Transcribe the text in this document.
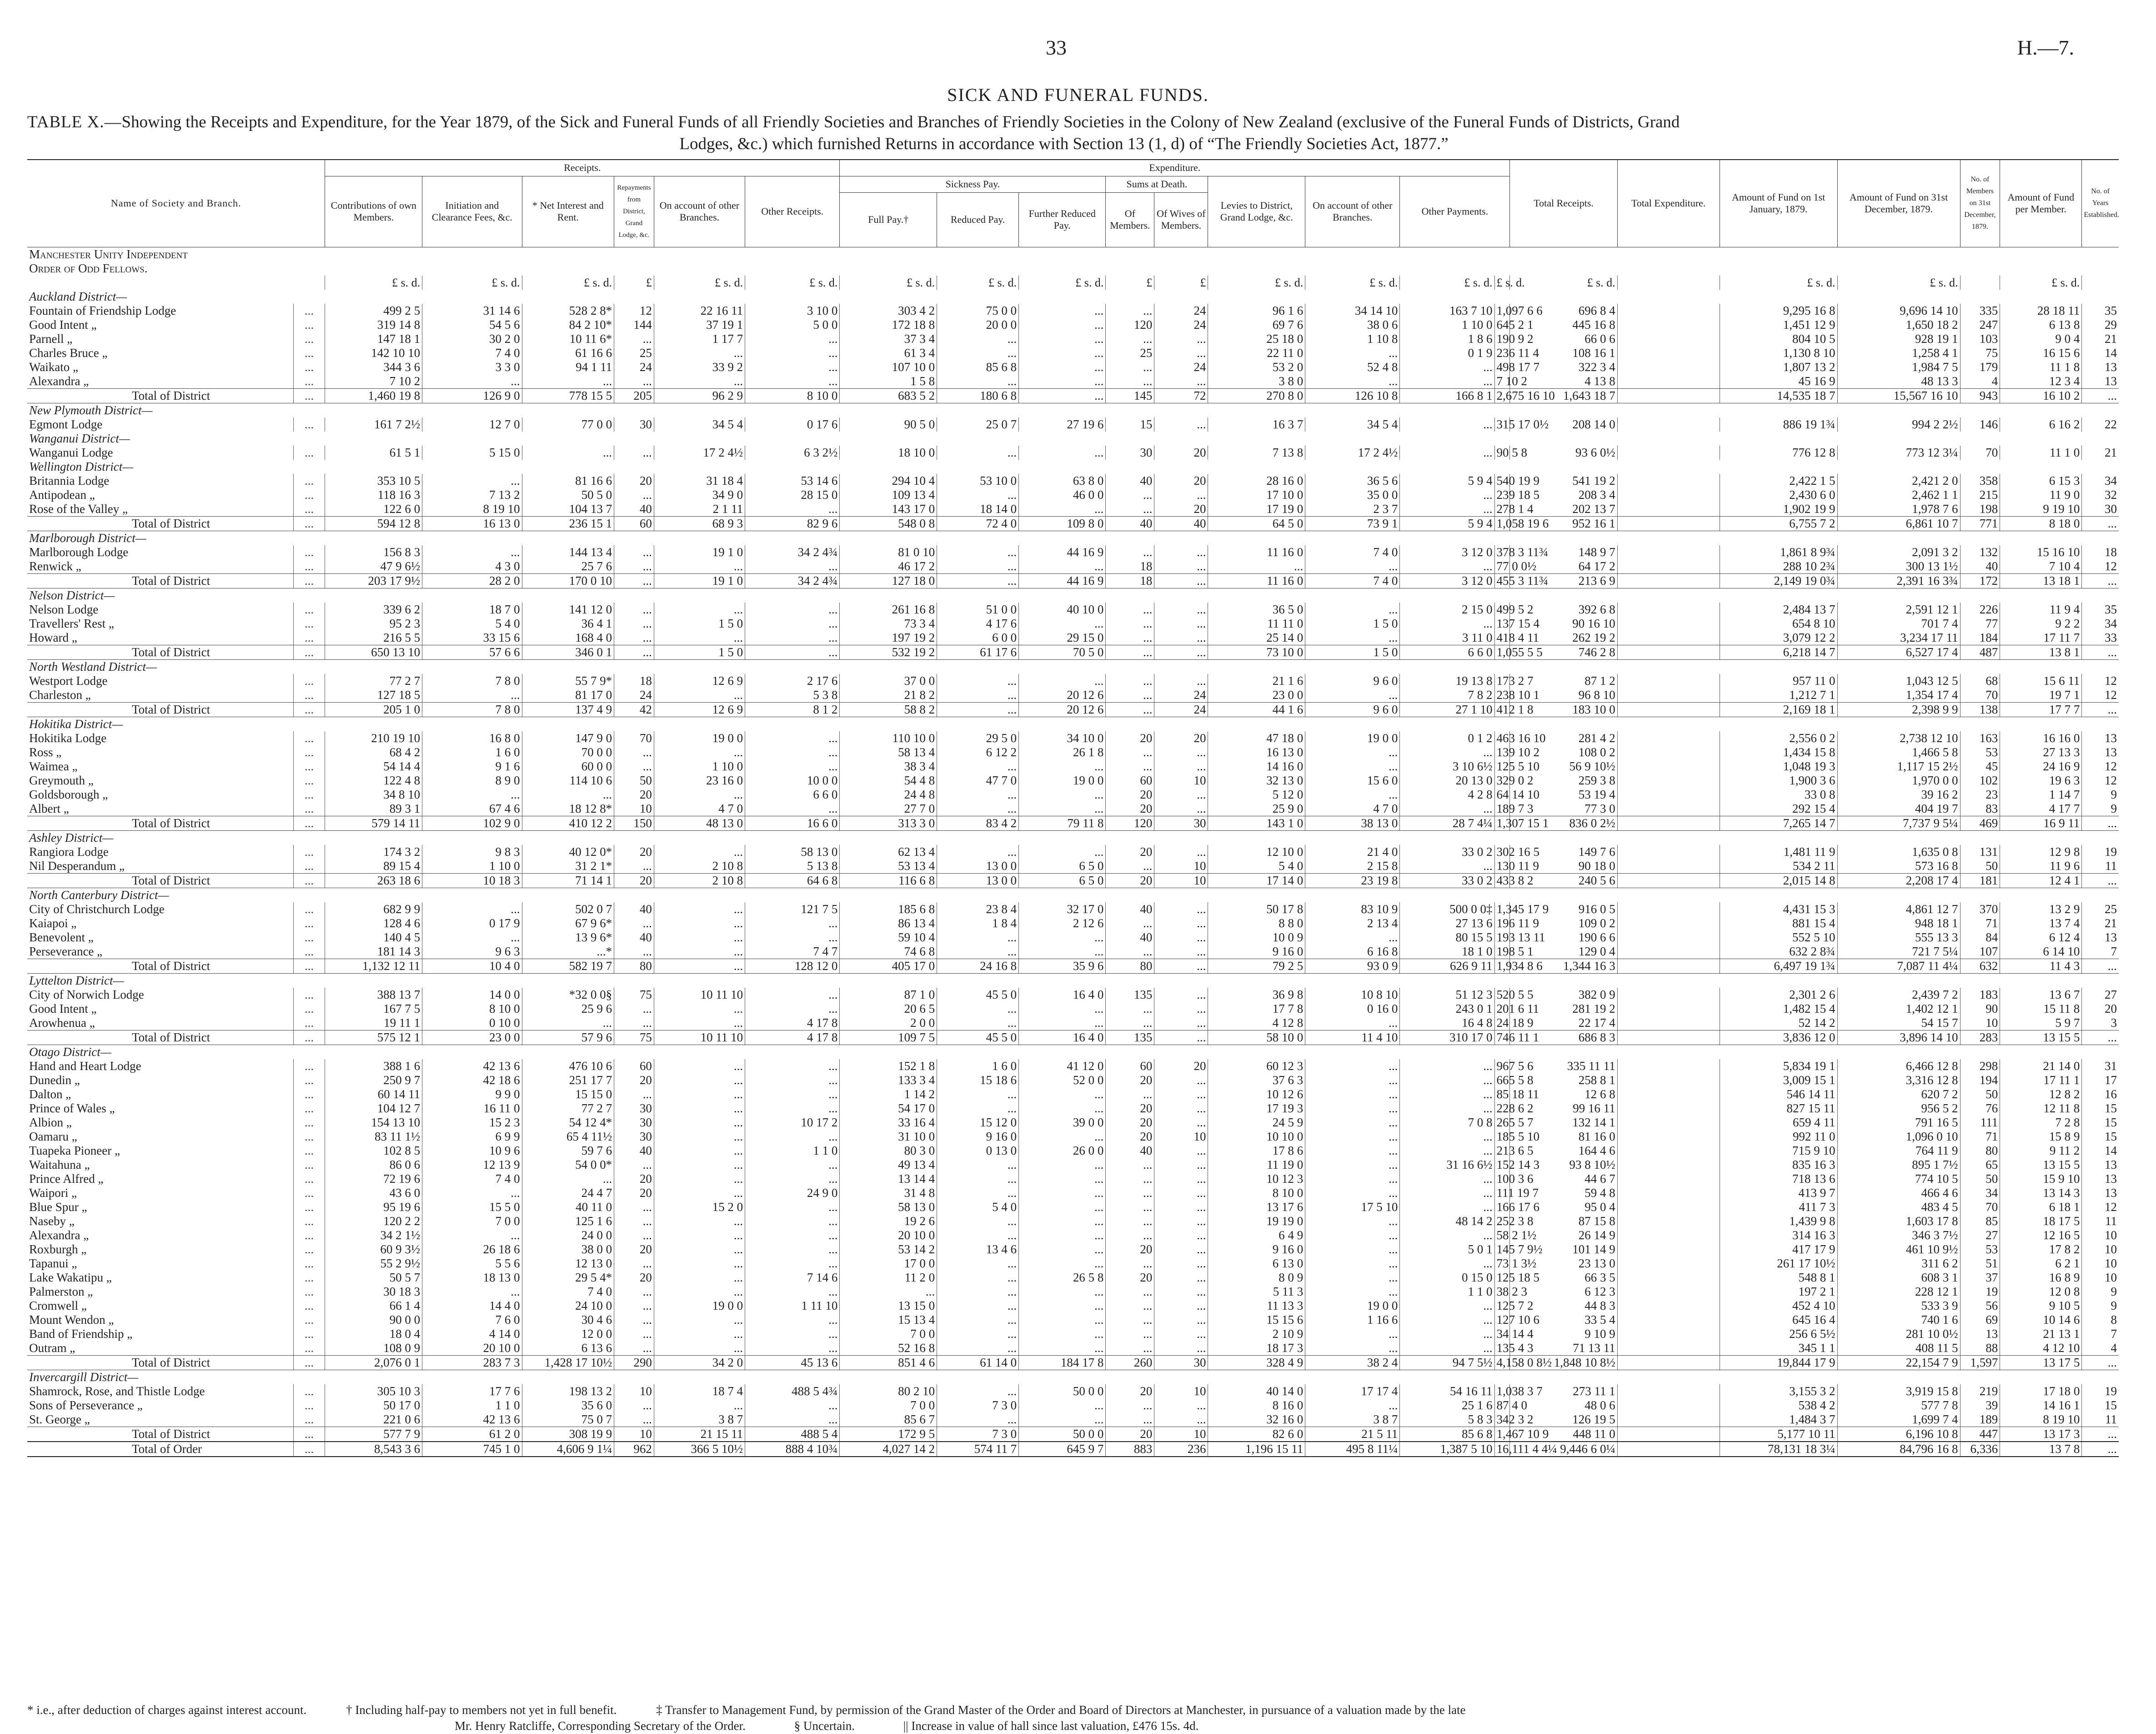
33	H.—7.
SICK AND FUNERAL FUNDS.
TABLE X.—Showing the Receipts and Expenditure, for the Year 1879, of the Sick and Funeral Funds of all Friendly Societies and Branches of Friendly Societies in the Colony of New Zealand (exclusive of the Funeral Funds of Districts, Grand
Lodges, &c.) which furnished Returns in accordance with Section 13 (1, d) of “The Friendly Societies Act, 1877.”
Name of Society and Branch.		Receipts.						Expenditure.									Total Receipts.	Total Expenditure.	Amount of Fund on 1st January, 1879.	Amount of Fund on 31st December, 1879.	No. of Members on 31st December, 1879.	Amount of Fund per Member.	No. of Years Established.
		Contributions of own Members.	Initiation and Clearance Fees, &c.	* Net Interest and Rent.	Repayments from District, Grand Lodge, &c.	On account of other Branches.	Other Receipts.	Sickness Pay.			Sums at Death.		Levies to District, Grand Lodge, &c.	On account of other Branches.	Other Payments.								
								Full Pay.†	Reduced Pay.	Further Reduced Pay.	Of Members.	Of Wives of Members.											
Manchester Unity Independent																							
Order of Odd Fellows.																							
		£ s. d.	£ s. d.	£ s. d.	£	£ s. d.	£ s. d.	£ s. d.	£ s. d.	£ s. d.	£	£	£ s. d.	£ s. d.	£ s. d.	£ s. d.	£ s. d.		£ s. d.	£ s. d.		£ s. d.	
Auckland District—																							
Fountain of Friendship Lodge	...	499 2 5	31 14 6	528 2 8*	12	22 16 11	3 10 0	303 4 2	75 0 0	...	...	24	96 1 6	34 14 10	163 7 10	1,097 6 6	696 8 4		9,295 16 8	9,696 14 10	335	28 18 11	35
Good Intent „	...	319 14 8	54 5 6	84 2 10*	144	37 19 1	5 0 0	172 18 8	20 0 0	...	120	24	69 7 6	38 0 6	1 10 0	645 2 1	445 16 8		1,451 12 9	1,650 18 2	247	6 13 8	29
Parnell „	...	147 18 1	30 2 0	10 11 6*	...	1 17 7	...	37 3 4	...	...	...	...	25 18 0	1 10 8	1 8 6	190 9 2	66 0 6		804 10 5	928 19 1	103	9 0 4	21
Charles Bruce „	...	142 10 10	7 4 0	61 16 6	25	...	...	61 3 4	...	...	25	...	22 11 0	...	0 1 9	236 11 4	108 16 1		1,130 8 10	1,258 4 1	75	16 15 6	14
Waikato „	...	344 3 6	3 3 0	94 1 11	24	33 9 2	...	107 10 0	85 6 8	...	...	24	53 2 0	52 4 8	...	498 17 7	322 3 4		1,807 13 2	1,984 7 5	179	11 1 8	13
Alexandra „	...	7 10 2	...	...	...	...	...	1 5 8	...	...	...	...	3 8 0	...	...	7 10 2	4 13 8		45 16 9	48 13 3	4	12 3 4	13
Total of District	...	1,460 19 8	126 9 0	778 15 5	205	96 2 9	8 10 0	683 5 2	180 6 8	...	145	72	270 8 0	126 10 8	166 8 1	2,675 16 10	1,643 18 7		14,535 18 7	15,567 16 10	943	16 10 2	...
New Plymouth District—																							
Egmont Lodge	...	161 7 2½	12 7 0	77 0 0	30	34 5 4	0 17 6	90 5 0	25 0 7	27 19 6	15	...	16 3 7	34 5 4	...	315 17 0½	208 14 0		886 19 1¾	994 2 2½	146	6 16 2	22
Wanganui District—																							
Wanganui Lodge	...	61 5 1	5 15 0	...	...	17 2 4½	6 3 2½	18 10 0	...	...	30	20	7 13 8	17 2 4½	...	90 5 8	93 6 0½		776 12 8	773 12 3¼	70	11 1 0	21
Wellington District—																							
Britannia Lodge	...	353 10 5	...	81 16 6	20	31 18 4	53 14 6	294 10 4	53 10 0	63 8 0	40	20	28 16 0	36 5 6	5 9 4	540 19 9	541 19 2		2,422 1 5	2,421 2 0	358	6 15 3	34
Antipodean „	...	118 16 3	7 13 2	50 5 0	...	34 9 0	28 15 0	109 13 4	...	46 0 0	...	...	17 10 0	35 0 0	...	239 18 5	208 3 4		2,430 6 0	2,462 1 1	215	11 9 0	32
Rose of the Valley „	...	122 6 0	8 19 10	104 13 7	40	2 1 11	...	143 17 0	18 14 0	...	...	20	17 19 0	2 3 7	...	278 1 4	202 13 7		1,902 19 9	1,978 7 6	198	9 19 10	30
Total of District	...	594 12 8	16 13 0	236 15 1	60	68 9 3	82 9 6	548 0 8	72 4 0	109 8 0	40	40	64 5 0	73 9 1	5 9 4	1,058 19 6	952 16 1		6,755 7 2	6,861 10 7	771	8 18 0	...
Marlborough District—																							
Marlborough Lodge	...	156 8 3	...	144 13 4	...	19 1 0	34 2 4¾	81 0 10	...	44 16 9	...	...	11 16 0	7 4 0	3 12 0	378 3 11¾	148 9 7		1,861 8 9¾	2,091 3 2	132	15 16 10	18
Renwick „	...	47 9 6½	4 3 0	25 7 6	...	...	...	46 17 2	...	...	18	...	...	...	...	77 0 0½	64 17 2		288 10 2¾	300 13 1½	40	7 10 4	12
Total of District	...	203 17 9½	28 2 0	170 0 10	...	19 1 0	34 2 4¾	127 18 0	...	44 16 9	18	...	11 16 0	7 4 0	3 12 0	455 3 11¾	213 6 9		2,149 19 0¾	2,391 16 3¾	172	13 18 1	...
Nelson District—																							
Nelson Lodge	...	339 6 2	18 7 0	141 12 0	...	...	...	261 16 8	51 0 0	40 10 0	...	...	36 5 0	...	2 15 0	499 5 2	392 6 8		2,484 13 7	2,591 12 1	226	11 9 4	35
Travellers' Rest „	...	95 2 3	5 4 0	36 4 1	...	1 5 0	...	73 3 4	4 17 6	...	...	...	11 11 0	1 5 0	...	137 15 4	90 16 10		654 8 10	701 7 4	77	9 2 2	34
Howard „	...	216 5 5	33 15 6	168 4 0	...	...	...	197 19 2	6 0 0	29 15 0	...	...	25 14 0	...	3 11 0	418 4 11	262 19 2		3,079 12 2	3,234 17 11	184	17 11 7	33
Total of District	...	650 13 10	57 6 6	346 0 1	...	1 5 0	...	532 19 2	61 17 6	70 5 0	...	...	73 10 0	1 5 0	6 6 0	1,055 5 5	746 2 8		6,218 14 7	6,527 17 4	487	13 8 1	...
North Westland District—																							
Westport Lodge	...	77 2 7	7 8 0	55 7 9*	18	12 6 9	2 17 6	37 0 0	...	...	...	...	21 1 6	9 6 0	19 13 8	173 2 7	87 1 2		957 11 0	1,043 12 5	68	15 6 11	12
Charleston „	...	127 18 5	...	81 17 0	24	...	5 3 8	21 8 2	...	20 12 6	...	24	23 0 0	...	7 8 2	238 10 1	96 8 10		1,212 7 1	1,354 17 4	70	19 7 1	12
Total of District	...	205 1 0	7 8 0	137 4 9	42	12 6 9	8 1 2	58 8 2	...	20 12 6	...	24	44 1 6	9 6 0	27 1 10	412 1 8	183 10 0		2,169 18 1	2,398 9 9	138	17 7 7	...
Hokitika District—																							
Hokitika Lodge	...	210 19 10	16 8 0	147 9 0	70	19 0 0	...	110 10 0	29 5 0	34 10 0	20	20	47 18 0	19 0 0	0 1 2	463 16 10	281 4 2		2,556 0 2	2,738 12 10	163	16 16 0	13
Ross „	...	68 4 2	1 6 0	70 0 0	...	...	...	58 13 4	6 12 2	26 1 8	...	...	16 13 0	...	...	139 10 2	108 0 2		1,434 15 8	1,466 5 8	53	27 13 3	13
Waimea „	...	54 14 4	9 1 6	60 0 0	...	1 10 0	...	38 3 4	...	...	...	...	14 16 0	...	3 10 6½	125 5 10	56 9 10½		1,048 19 3	1,117 15 2½	45	24 16 9	12
Greymouth „	...	122 4 8	8 9 0	114 10 6	50	23 16 0	10 0 0	54 4 8	47 7 0	19 0 0	60	10	32 13 0	15 6 0	20 13 0	329 0 2	259 3 8		1,900 3 6	1,970 0 0	102	19 6 3	12
Goldsborough „	...	34 8 10	...	...	20	...	6 6 0	24 4 8	...	...	20	...	5 12 0	...	4 2 8	64 14 10	53 19 4		33 0 8	39 16 2	23	1 14 7	9
Albert „	...	89 3 1	67 4 6	18 12 8*	10	4 7 0	...	27 7 0	...	...	20	...	25 9 0	4 7 0	...	189 7 3	77 3 0		292 15 4	404 19 7	83	4 17 7	9
Total of District	...	579 14 11	102 9 0	410 12 2	150	48 13 0	16 6 0	313 3 0	83 4 2	79 11 8	120	30	143 1 0	38 13 0	28 7 4¼	1,307 15 1	836 0 2½		7,265 14 7	7,737 9 5¼	469	16 9 11	...
Ashley District—																							
Rangiora Lodge	...	174 3 2	9 8 3	40 12 0*	20	...	58 13 0	62 13 4	...	...	20	...	12 10 0	21 4 0	33 0 2	302 16 5	149 7 6		1,481 11 9	1,635 0 8	131	12 9 8	19
Nil Desperandum „	...	89 15 4	1 10 0	31 2 1*	...	2 10 8	5 13 8	53 13 4	13 0 0	6 5 0	...	10	5 4 0	2 15 8	...	130 11 9	90 18 0		534 2 11	573 16 8	50	11 9 6	11
Total of District	...	263 18 6	10 18 3	71 14 1	20	2 10 8	64 6 8	116 6 8	13 0 0	6 5 0	20	10	17 14 0	23 19 8	33 0 2	433 8 2	240 5 6		2,015 14 8	2,208 17 4	181	12 4 1	...
North Canterbury District—																							
City of Christchurch Lodge	...	682 9 9	...	502 0 7	40	...	121 7 5	185 6 8	23 8 4	32 17 0	40	...	50 17 8	83 10 9	500 0 0‡	1,345 17 9	916 0 5		4,431 15 3	4,861 12 7	370	13 2 9	25
Kaiapoi „	...	128 4 6	0 17 9	67 9 6*	...	...	...	86 13 4	1 8 4	2 12 6	...	...	8 8 0	2 13 4	27 13 6	196 11 9	109 0 2		881 15 4	948 18 1	71	13 7 4	21
Benevolent „	...	140 4 5	...	13 9 6*	40	...	...	59 10 4	...	...	40	...	10 0 9	...	80 15 5	193 13 11	190 6 6		552 5 10	555 13 3	84	6 12 4	13
Perseverance „	...	181 14 3	9 6 3	...*	...	...	7 4 7	74 6 8	...	...	...	...	9 16 0	6 16 8	18 1 0	198 5 1	129 0 4		632 2 8¾	721 7 5¼	107	6 14 10	7
Total of District	...	1,132 12 11	10 4 0	582 19 7	80	...	128 12 0	405 17 0	24 16 8	35 9 6	80	...	79 2 5	93 0 9	626 9 11	1,934 8 6	1,344 16 3		6,497 19 1¾	7,087 11 4¼	632	11 4 3	...
Lyttelton District—																							
City of Norwich Lodge	...	388 13 7	14 0 0	*32 0 0§	75	10 11 10	...	87 1 0	45 5 0	16 4 0	135	...	36 9 8	10 8 10	51 12 3	520 5 5	382 0 9		2,301 2 6	2,439 7 2	183	13 6 7	27
Good Intent „	...	167 7 5	8 10 0	25 9 6	...	...	...	20 6 5	...	...	...	...	17 7 8	0 16 0	243 0 1	201 6 11	281 19 2		1,482 15 4	1,402 12 1	90	15 11 8	20
Arowhenua „	...	19 11 1	0 10 0	...	...	...	4 17 8	2 0 0	...	...	...	...	4 12 8	...	16 4 8	24 18 9	22 17 4		52 14 2	54 15 7	10	5 9 7	3
Total of District	...	575 12 1	23 0 0	57 9 6	75	10 11 10	4 17 8	109 7 5	45 5 0	16 4 0	135	...	58 10 0	11 4 10	310 17 0	746 11 1	686 8 3		3,836 12 0	3,896 14 10	283	13 15 5	...
Otago District—																							
Hand and Heart Lodge	...	388 1 6	42 13 6	476 10 6	60	...	...	152 1 8	1 6 0	41 12 0	60	20	60 12 3	...	...	967 5 6	335 11 11		5,834 19 1	6,466 12 8	298	21 14 0	31
Dunedin „	...	250 9 7	42 18 6	251 17 7	20	...	...	133 3 4	15 18 6	52 0 0	20	...	37 6 3	...	...	665 5 8	258 8 1		3,009 15 1	3,316 12 8	194	17 11 1	17
Dalton „	...	60 14 11	9 9 0	15 15 0	...	...	...	1 14 2	...	...	...	...	10 12 6	...	...	85 18 11	12 6 8		546 14 11	620 7 2	50	12 8 2	16
Prince of Wales „	...	104 12 7	16 11 0	77 2 7	30	...	...	54 17 0	...	...	20	...	17 19 3	...	...	228 6 2	99 16 11		827 15 11	956 5 2	76	12 11 8	15
Albion „	...	154 13 10	15 2 3	54 12 4*	30	...	10 17 2	33 16 4	15 12 0	39 0 0	20	...	24 5 9	...	7 0 8	265 5 7	132 14 1		659 4 11	791 16 5	111	7 2 8	15
Oamaru „	...	83 11 1½	6 9 9	65 4 11½	30	...	...	31 10 0	9 16 0	...	20	10	10 10 0	...	...	185 5 10	81 16 0		992 11 0	1,096 0 10	71	15 8 9	15
Tuapeka Pioneer „	...	102 8 5	10 9 6	59 7 6	40	...	1 1 0	80 3 0	0 13 0	26 0 0	40	...	17 8 6	...	...	213 6 5	164 4 6		715 9 10	764 11 9	80	9 11 2	14
Waitahuna „	...	86 0 6	12 13 9	54 0 0*	...	...	...	49 13 4	...	...	...	...	11 19 0	...	31 16 6½	152 14 3	93 8 10½		835 16 3	895 1 7½	65	13 15 5	13
Prince Alfred „	...	72 19 6	7 4 0	...	20	...	...	13 14 4	...	...	...	...	10 12 3	...	...	100 3 6	44 6 7		718 13 6	774 10 5	50	15 9 10	13
Waipori „	...	43 6 0	...	24 4 7	20	...	24 9 0	31 4 8	...	...	...	...	8 10 0	...	...	111 19 7	59 4 8		413 9 7	466 4 6	34	13 14 3	13
Blue Spur „	...	95 19 6	15 5 0	40 11 0	...	15 2 0	...	58 13 0	5 4 0	...	...	...	13 17 6	17 5 10	...	166 17 6	95 0 4		411 7 3	483 4 5	70	6 18 1	12
Naseby „	...	120 2 2	7 0 0	125 1 6	...	...	...	19 2 6	...	...	...	...	19 19 0	...	48 14 2	252 3 8	87 15 8		1,439 9 8	1,603 17 8	85	18 17 5	11
Alexandra „	...	34 2 1½	...	24 0 0	...	...	...	20 10 0	...	...	...	...	6 4 9	...	...	58 2 1½	26 14 9		314 16 3	346 3 7½	27	12 16 5	10
Roxburgh „	...	60 9 3½	26 18 6	38 0 0	20	...	...	53 14 2	13 4 6	...	20	...	9 16 0	...	5 0 1	145 7 9½	101 14 9		417 17 9	461 10 9½	53	17 8 2	10
Tapanui „	...	55 2 9½	5 5 6	12 13 0	...	...	...	17 0 0	...	...	...	...	6 13 0	...	...	73 1 3½	23 13 0		261 17 10½	311 6 2	51	6 2 1	10
Lake Wakatipu „	...	50 5 7	18 13 0	29 5 4*	20	...	7 14 6	11 2 0	...	26 5 8	20	...	8 0 9	...	0 15 0	125 18 5	66 3 5		548 8 1	608 3 1	37	16 8 9	10
Palmerston „	...	30 18 3	...	7 4 0	...	...	...	...	...	...	...	...	5 11 3	...	1 1 0	38 2 3	6 12 3		197 2 1	228 12 1	19	12 0 8	9
Cromwell „	...	66 1 4	14 4 0	24 10 0	...	19 0 0	1 11 10	13 15 0	...	...	...	...	11 13 3	19 0 0	...	125 7 2	44 8 3		452 4 10	533 3 9	56	9 10 5	9
Mount Wendon „	...	90 0 0	7 6 0	30 4 6	...	...	...	15 13 4	...	...	...	...	15 15 6	1 16 6	...	127 10 6	33 5 4		645 16 4	740 1 6	69	10 14 6	8
Band of Friendship „	...	18 0 4	4 14 0	12 0 0	...	...	...	7 0 0	...	...	...	...	2 10 9	...	...	34 14 4	9 10 9		256 6 5½	281 10 0½	13	21 13 1	7
Outram „	...	108 0 9	20 10 0	6 13 6	...	...	...	52 16 8	...	...	...	...	18 17 3	...	...	135 4 3	71 13 11		345 1 1	408 11 5	88	4 12 10	4
Total of District	...	2,076 0 1	283 7 3	1,428 17 10½	290	34 2 0	45 13 6	851 4 6	61 14 0	184 17 8	260	30	328 4 9	38 2 4	94 7 5½	4,158 0 8½	1,848 10 8½		19,844 17 9	22,154 7 9	1,597	13 17 5	...
Invercargill District—																							
Shamrock, Rose, and Thistle Lodge	...	305 10 3	17 7 6	198 13 2	10	18 7 4	488 5 4¾	80 2 10	...	50 0 0	20	10	40 14 0	17 17 4	54 16 11	1,038 3 7	273 11 1		3,155 3 2	3,919 15 8	219	17 18 0	19
Sons of Perseverance „	...	50 17 0	1 1 0	35 6 0	...	...	...	7 0 0	7 3 0	...	...	...	8 16 0	...	25 1 6	87 4 0	48 0 6		538 4 2	577 7 8	39	14 16 1	15
St. George „	...	221 0 6	42 13 6	75 0 7	...	3 8 7	...	85 6 7	...	...	...	...	32 16 0	3 8 7	5 8 3	342 3 2	126 19 5		1,484 3 7	1,699 7 4	189	8 19 10	11
Total of District	...	577 7 9	61 2 0	308 19 9	10	21 15 11	488 5 4	172 9 5	7 3 0	50 0 0	20	10	82 6 0	21 5 11	85 6 8	1,467 10 9	448 11 0		5,177 10 11	6,196 10 8	447	13 17 3	...
Total of Order	...	8,543 3 6	745 1 0	4,606 9 1¼	962	366 5 10½	888 4 10¾	4,027 14 2	574 11 7	645 9 7	883	236	1,196 15 11	495 8 11¼	1,387 5 10	16,111 4 4¼	9,446 6 0¼		78,131 18 3¼	84,796 16 8	6,336	13 7 8	...
* i.e., after deduction of charges against interest account.	† Including half-pay to members not yet in full benefit.	‡ Transfer to Management Fund, by permission of the Grand Master of the Order and Board of Directors at Manchester, in pursuance of a valuation made by the late
Mr. Henry Ratcliffe, Corresponding Secretary of the Order.	§ Uncertain.	|| Increase in value of hall since last valuation, £476 15s. 4d.
